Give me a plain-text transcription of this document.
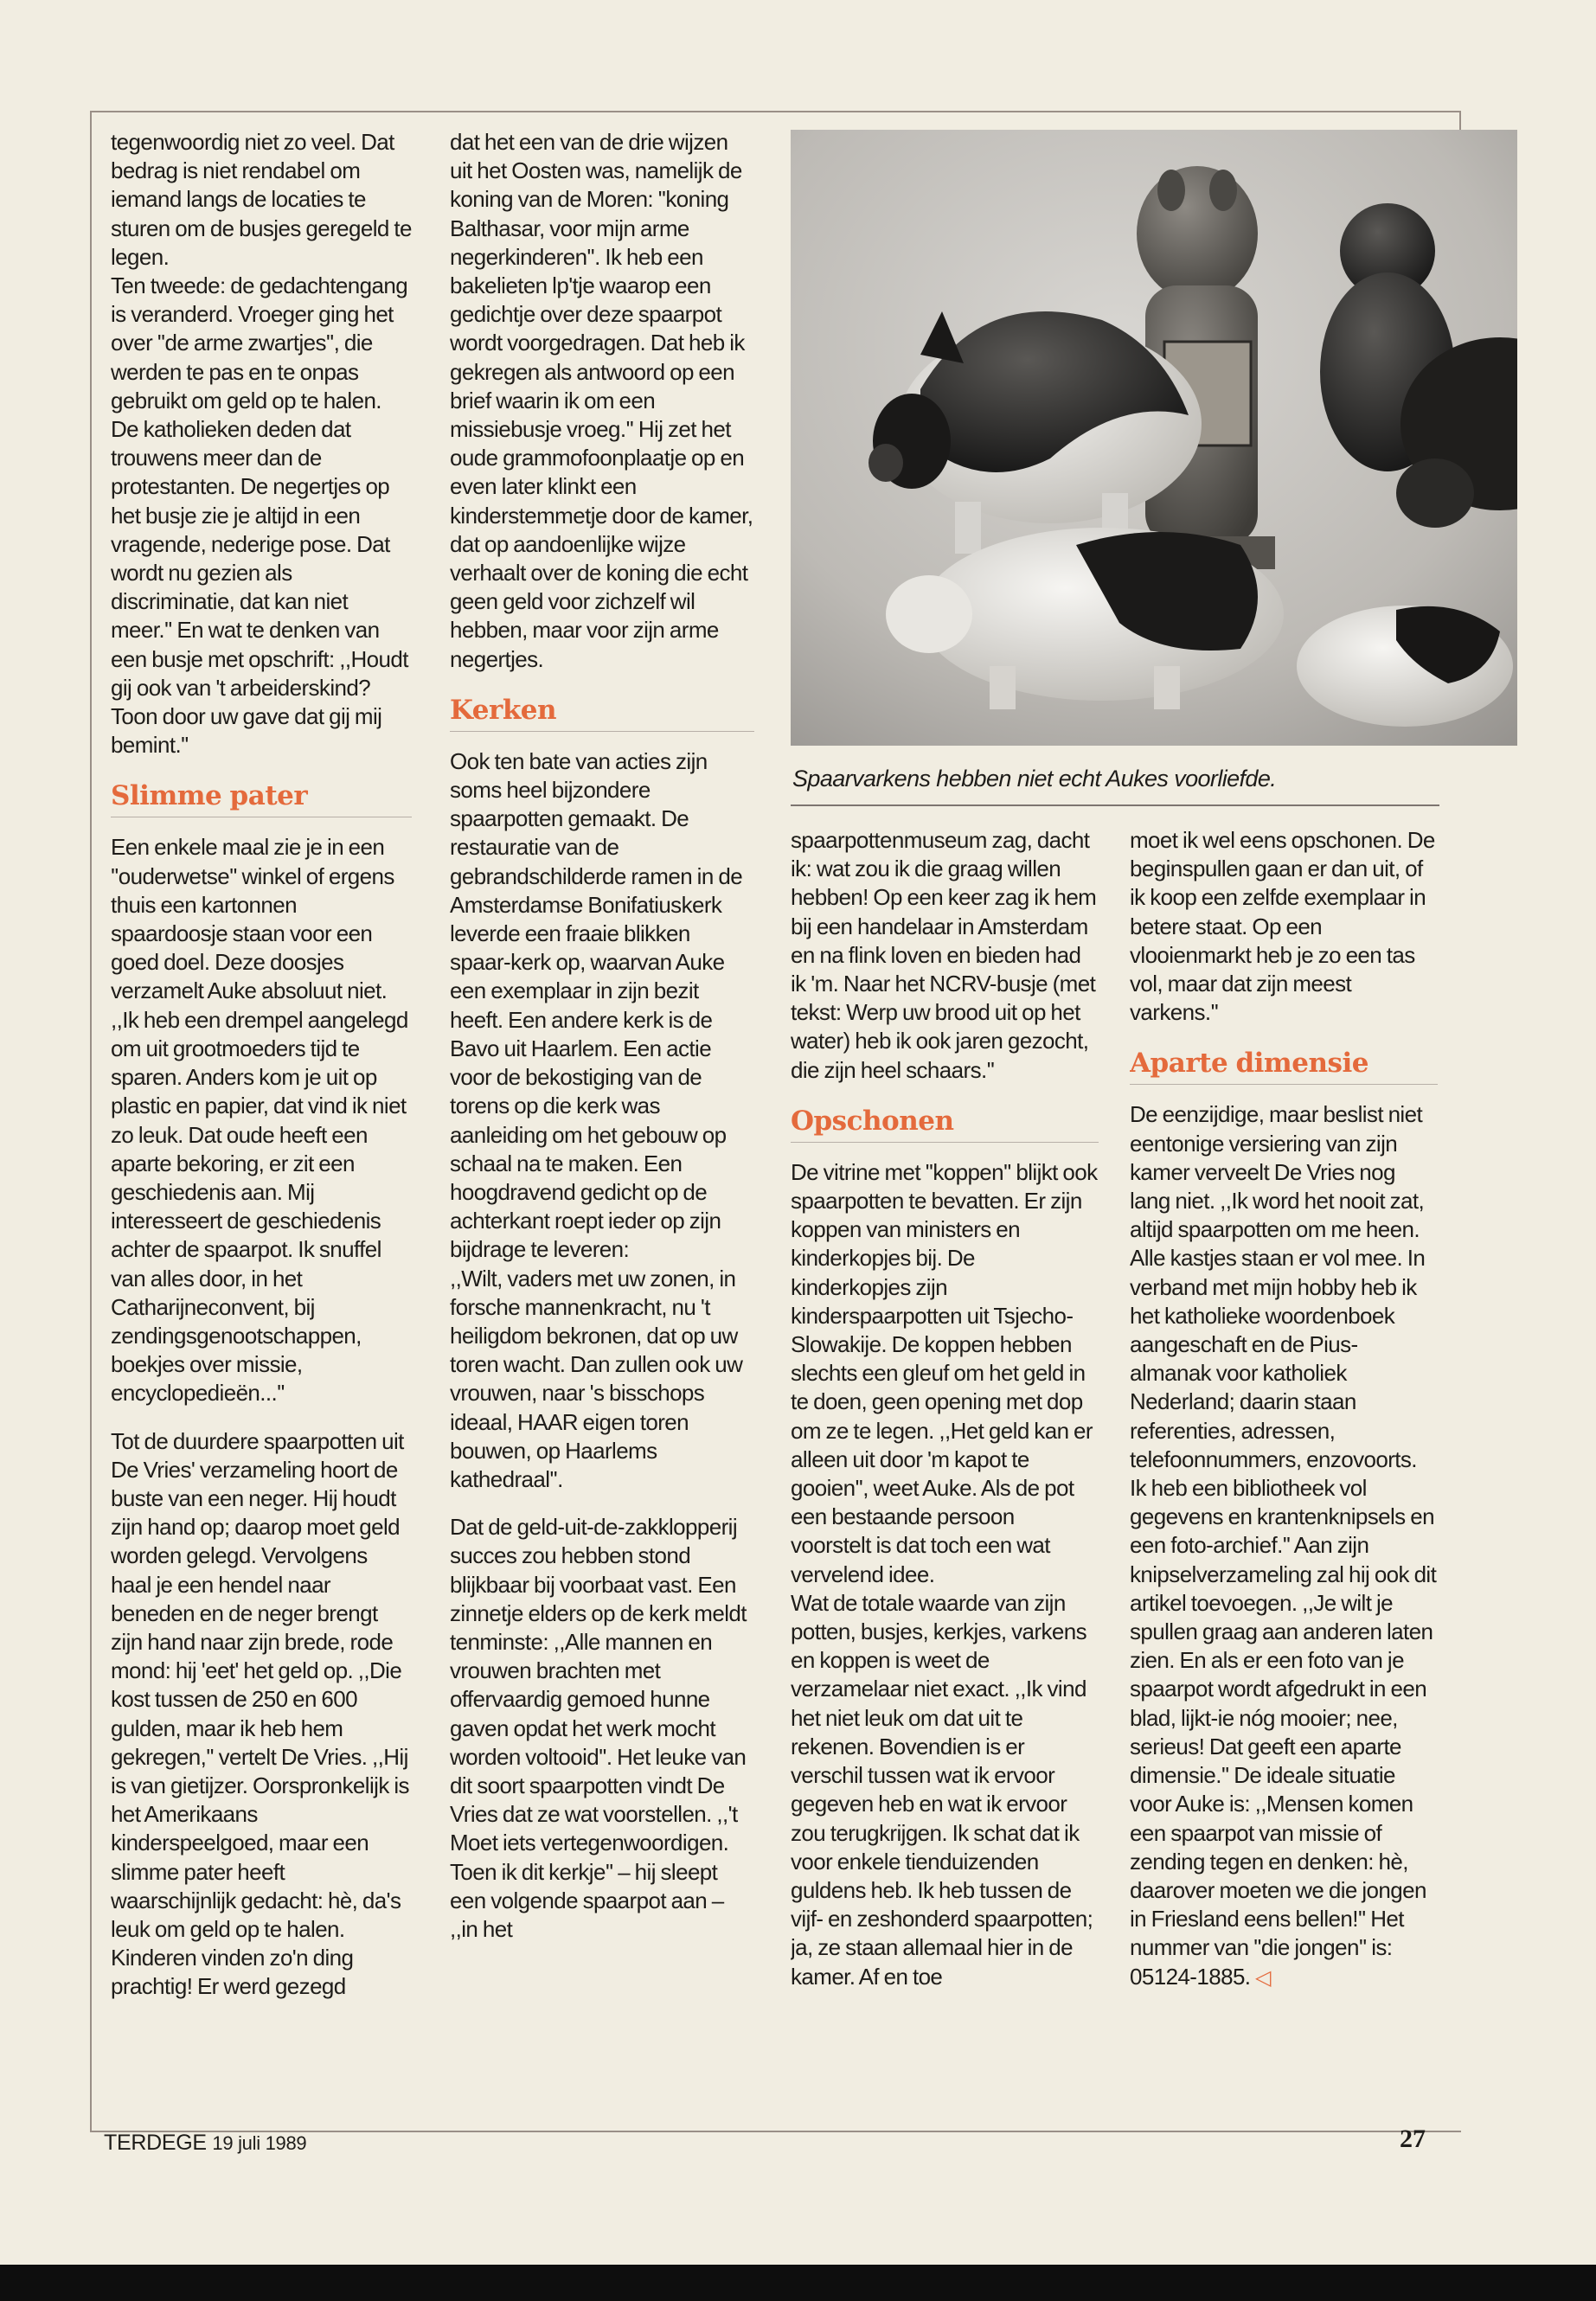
tegenwoordig niet zo veel. Dat bedrag is niet rendabel om iemand langs de locaties te sturen om de busjes geregeld te legen.

Ten tweede: de gedachtengang is veranderd. Vroeger ging het over ''de arme zwartjes'', die werden te pas en te onpas gebruikt om geld op te halen. De katholieken deden dat trouwens meer dan de protestanten. De negertjes op het busje zie je altijd in een vragende, nederige pose. Dat wordt nu gezien als discriminatie, dat kan niet meer.'' En wat te denken van een busje met opschrift: ,,Houdt gij ook van 't arbeiderskind? Toon door uw gave dat gij mij bemint.''

Slimme pater

Een enkele maal zie je in een ''ouderwetse'' winkel of ergens thuis een kartonnen spaardoosje staan voor een goed doel. Deze doosjes verzamelt Auke absoluut niet. ,,Ik heb een drempel aangelegd om uit grootmoeders tijd te sparen. Anders kom je uit op plastic en papier, dat vind ik niet zo leuk. Dat oude heeft een aparte bekoring, er zit een geschiedenis aan. Mij interesseert de geschiedenis achter de spaarpot. Ik snuffel van alles door, in het Catharijneconvent, bij zendingsgenootschappen, boekjes over missie, encyclopedieën...''

Tot de duurdere spaarpotten uit De Vries' verzameling hoort de buste van een neger. Hij houdt zijn hand op; daarop moet geld worden gelegd. Vervolgens haal je een hendel naar beneden en de neger brengt zijn hand naar zijn brede, rode mond: hij 'eet' het geld op. ,,Die kost tussen de 250 en 600 gulden, maar ik heb hem gekregen,'' vertelt De Vries. ,,Hij is van gietijzer. Oorspronkelijk is het Amerikaans kinderspeelgoed, maar een slimme pater heeft waarschijnlijk gedacht: hè, da's leuk om geld op te halen. Kinderen vinden zo'n ding prachtig! Er werd gezegd

dat het een van de drie wijzen uit het Oosten was, namelijk de koning van de Moren: ''koning Balthasar, voor mijn arme negerkinderen''. Ik heb een bakelieten lp'tje waarop een gedichtje over deze spaarpot wordt voorgedragen. Dat heb ik gekregen als antwoord op een brief waarin ik om een missiebusje vroeg.'' Hij zet het oude grammofoonplaatje op en even later klinkt een kinderstemmetje door de kamer, dat op aandoenlijke wijze verhaalt over de koning die echt geen geld voor zichzelf wil hebben, maar voor zijn arme negertjes.

Kerken

Ook ten bate van acties zijn soms heel bijzondere spaarpotten gemaakt. De restauratie van de gebrandschilderde ramen in de Amsterdamse Bonifatiuskerk leverde een fraaie blikken spaar-kerk op, waarvan Auke een exemplaar in zijn bezit heeft. Een andere kerk is de Bavo uit Haarlem. Een actie voor de bekostiging van de torens op die kerk was aanleiding om het gebouw op schaal na te maken. Een hoogdravend gedicht op de achterkant roept ieder op zijn bijdrage te leveren:

,,Wilt, vaders met uw zonen, in forsche mannenkracht, nu 't heiligdom bekronen, dat op uw toren wacht. Dan zullen ook uw vrouwen, naar 's bisschops ideaal, HAAR eigen toren bouwen, op Haarlems kathedraal''.

Dat de geld-uit-de-zakklopperij succes zou hebben stond blijkbaar bij voorbaat vast. Een zinnetje elders op de kerk meldt tenminste: ,,Alle mannen en vrouwen brachten met offervaardig gemoed hunne gaven opdat het werk mocht worden voltooid''. Het leuke van dit soort spaarpotten vindt De Vries dat ze wat voorstellen. ,,'t Moet iets vertegenwoordigen. Toen ik dit kerkje'' – hij sleept een volgende spaarpot aan – ,,in het

Spaarvarkens hebben niet echt Aukes voorliefde.

spaarpottenmuseum zag, dacht ik: wat zou ik die graag willen hebben! Op een keer zag ik hem bij een handelaar in Amsterdam en na flink loven en bieden had ik 'm. Naar het NCRV-busje (met tekst: Werp uw brood uit op het water) heb ik ook jaren gezocht, die zijn heel schaars.''

Opschonen

De vitrine met ''koppen'' blijkt ook spaarpotten te bevatten. Er zijn koppen van ministers en kinderkopjes bij. De kinderkopjes zijn kinderspaarpotten uit Tsjecho-Slowakije. De koppen hebben slechts een gleuf om het geld in te doen, geen opening met dop om ze te legen. ,,Het geld kan er alleen uit door 'm kapot te gooien'', weet Auke. Als de pot een bestaande persoon voorstelt is dat toch een wat vervelend idee.

Wat de totale waarde van zijn potten, busjes, kerkjes, varkens en koppen is weet de verzamelaar niet exact. ,,Ik vind het niet leuk om dat uit te rekenen. Bovendien is er verschil tussen wat ik ervoor gegeven heb en wat ik ervoor zou terugkrijgen. Ik schat dat ik voor enkele tienduizenden guldens heb. Ik heb tussen de vijf- en zeshonderd spaarpotten; ja, ze staan allemaal hier in de kamer. Af en toe

moet ik wel eens opschonen. De beginspullen gaan er dan uit, of ik koop een zelfde exemplaar in betere staat. Op een vlooienmarkt heb je zo een tas vol, maar dat zijn meest varkens.''

Aparte dimensie

De eenzijdige, maar beslist niet eentonige versiering van zijn kamer verveelt De Vries nog lang niet. ,,Ik word het nooit zat, altijd spaarpotten om me heen. Alle kastjes staan er vol mee. In verband met mijn hobby heb ik het katholieke woordenboek aangeschaft en de Pius-almanak voor katholiek Nederland; daarin staan referenties, adressen, telefoonnummers, enzovoorts. Ik heb een bibliotheek vol gegevens en krantenknipsels en een foto-archief.'' Aan zijn knipselverzameling zal hij ook dit artikel toevoegen. ,,Je wilt je spullen graag aan anderen laten zien. En als er een foto van je spaarpot wordt afgedrukt in een blad, lijkt-ie nóg mooier; nee, serieus! Dat geeft een aparte dimensie.'' De ideale situatie voor Auke is: ,,Mensen komen een spaarpot van missie of zending tegen en denken: hè, daarover moeten we die jongen in Friesland eens bellen!'' Het nummer van ''die jongen'' is: 05124-1885. ◁

TERDEGE 19 juli 1989	27
